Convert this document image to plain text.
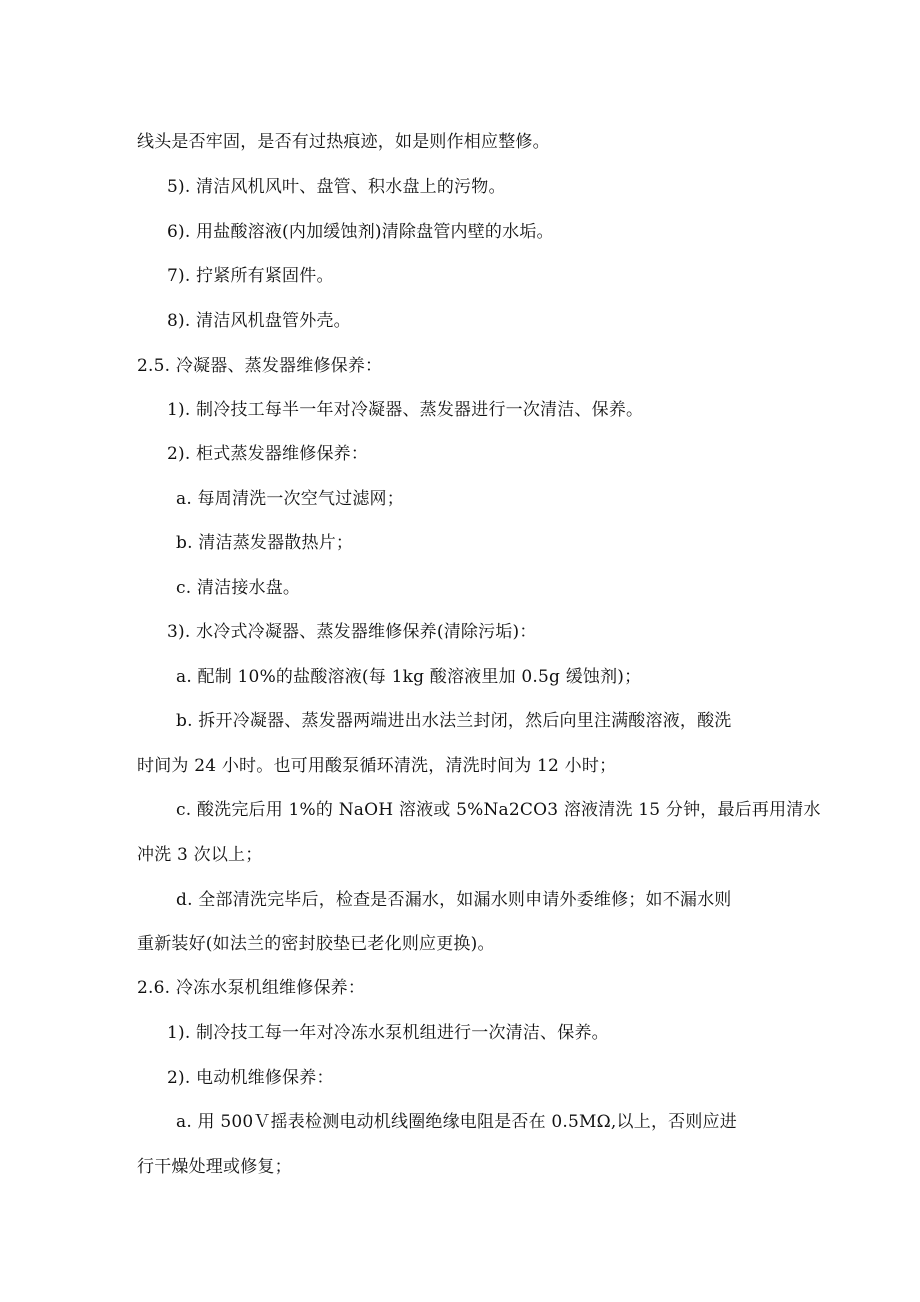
线头是否牢固，是否有过热痕迹，如是则作相应整修。
5). 清洁风机风叶、盘管、积水盘上的污物。
6). 用盐酸溶液(内加缓蚀剂)清除盘管内壁的水垢。
7). 拧紧所有紧固件。
8). 清洁风机盘管外壳。
2.5. 冷凝器、蒸发器维修保养：
1). 制冷技工每半一年对冷凝器、蒸发器进行一次清洁、保养。
2). 柜式蒸发器维修保养：
a. 每周清洗一次空气过滤网；
b. 清洁蒸发器散热片；
c. 清洁接水盘。
3). 水冷式冷凝器、蒸发器维修保养(清除污垢)：
a. 配制 10%的盐酸溶液(每 1kg 酸溶液里加 0.5g 缓蚀剂)；
b. 拆开冷凝器、蒸发器两端进出水法兰封闭，然后向里注满酸溶液，酸洗
时间为 24 小时。也可用酸泵循环清洗，清洗时间为 12 小时；
c. 酸洗完后用 1%的 NaOH 溶液或 5%Na2CO3 溶液清洗 15 分钟，最后再用清水
冲洗 3 次以上；
d. 全部清洗完毕后，检查是否漏水，如漏水则申请外委维修；如不漏水则
重新装好(如法兰的密封胶垫已老化则应更换)。
2.6. 冷冻水泵机组维修保养：
1). 制冷技工每一年对冷冻水泵机组进行一次清洁、保养。
2). 电动机维修保养：
a. 用 500Ｖ摇表检测电动机线圈绝缘电阻是否在 0.5MΩ,以上，否则应进
行干燥处理或修复；
